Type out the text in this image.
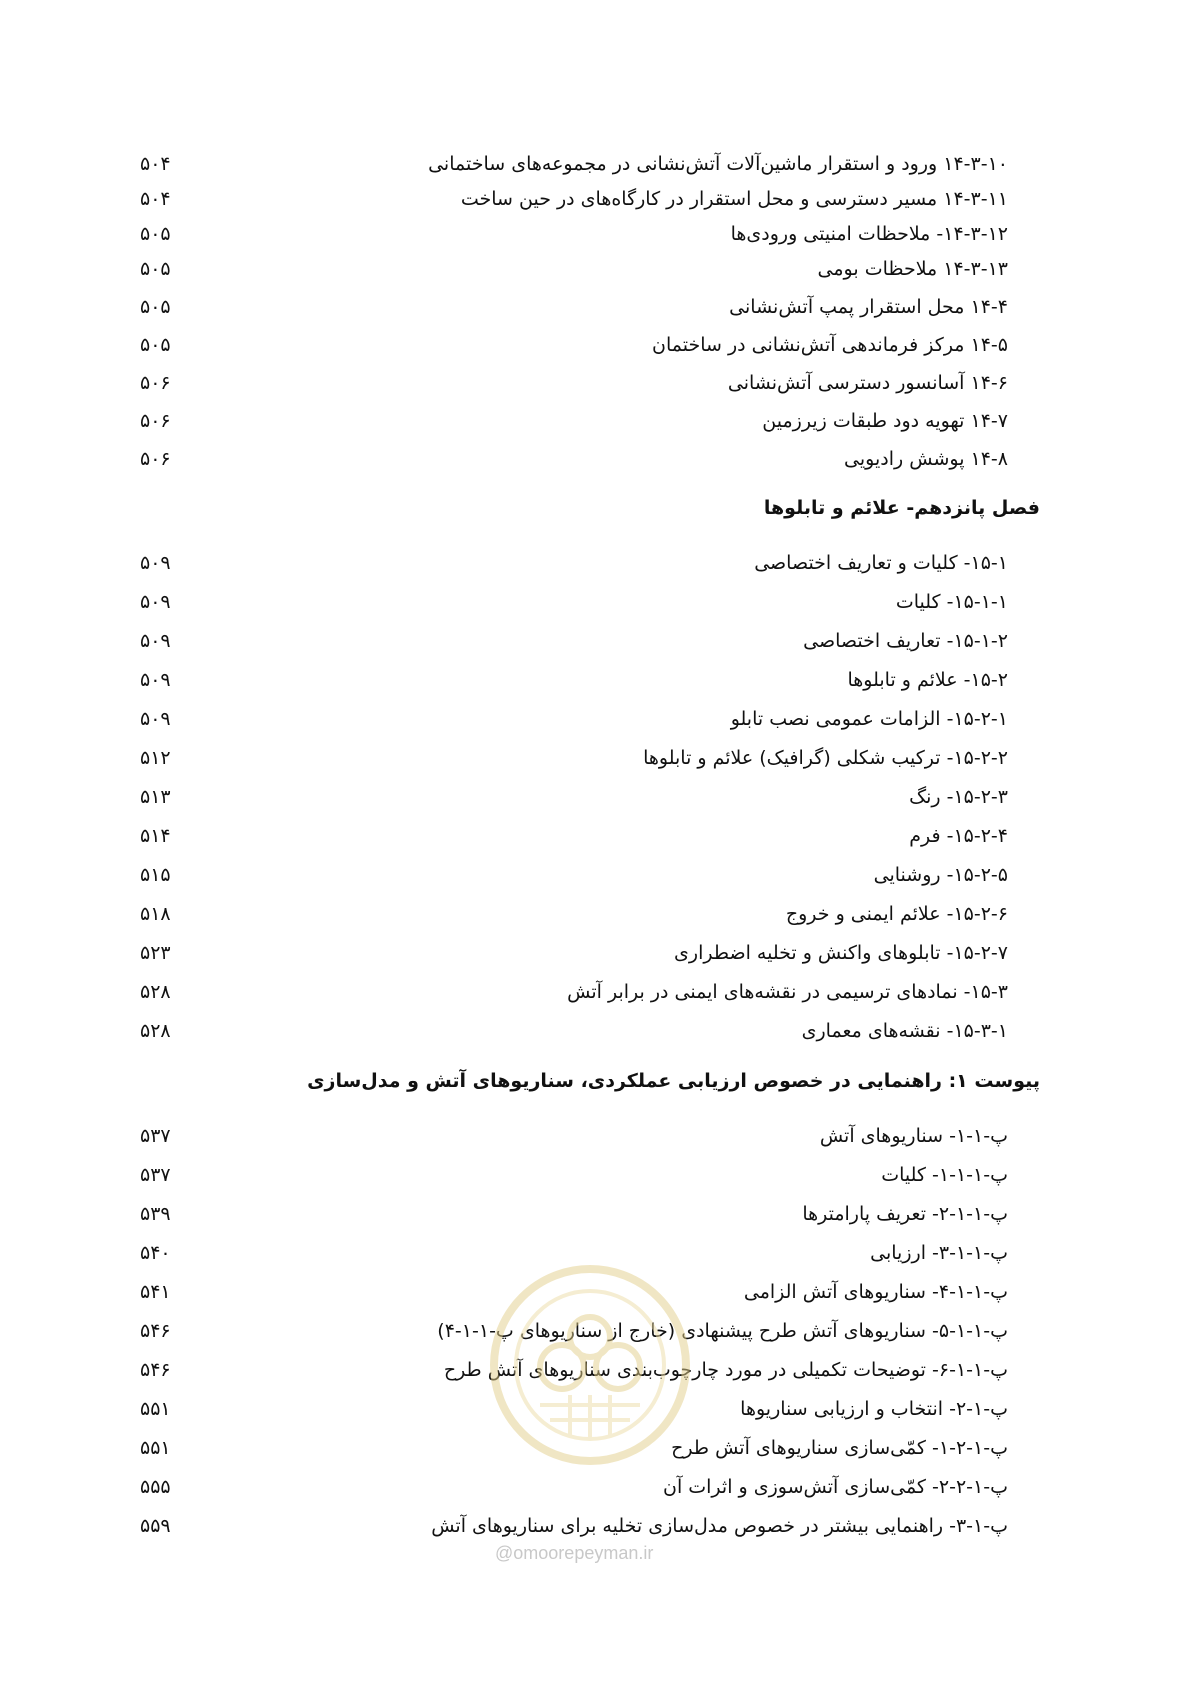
۱۴-۳-۱۰ ورود و استقرار ماشین‌آلات آتش‌نشانی در مجموعه‌های ساختمانی
۵۰۴
۱۴-۳-۱۱ مسیر دسترسی و محل استقرار در کارگاه‌های در حین ساخت
۵۰۴
۱۴-۳-۱۲- ملاحظات امنیتی ورودی‌ها
۵۰۵
۱۴-۳-۱۳ ملاحظات بومی
۵۰۵
۱۴-۴ محل استقرار پمپ آتش‌نشانی
۵۰۵
۱۴-۵ مرکز فرماندهی آتش‌نشانی در ساختمان
۵۰۵
۱۴-۶ آسانسور دسترسی آتش‌نشانی
۵۰۶
۱۴-۷ تهویه دود طبقات زیرزمین
۵۰۶
۱۴-۸ پوشش رادیویی
۵۰۶
فصل پانزدهم- علائم و تابلوها
۱۵-۱- کلیات و تعاریف اختصاصی
۵۰۹
۱۵-۱-۱- کلیات
۵۰۹
۱۵-۱-۲- تعاریف اختصاصی
۵۰۹
۱۵-۲- علائم و تابلوها
۵۰۹
۱۵-۲-۱- الزامات عمومی نصب تابلو
۵۰۹
۱۵-۲-۲- ترکیب شکلی (گرافیک) علائم و تابلوها
۵۱۲
۱۵-۲-۳- رنگ
۵۱۳
۱۵-۲-۴- فرم
۵۱۴
۱۵-۲-۵- روشنایی
۵۱۵
۱۵-۲-۶- علائم ایمنی و خروج
۵۱۸
۱۵-۲-۷- تابلوهای واکنش و تخلیه اضطراری
۵۲۳
۱۵-۳- نمادهای ترسیمی در نقشه‌های ایمنی در برابر آتش
۵۲۸
۱۵-۳-۱- نقشه‌های معماری
۵۲۸
پیوست ۱: راهنمایی در خصوص ارزیابی عملکردی، سناریوهای آتش و مدل‌سازی
پ-۱-۱- سناریوهای آتش
۵۳۷
پ-۱-۱-۱- کلیات
۵۳۷
پ-۱-۱-۲- تعریف پارامترها
۵۳۹
پ-۱-۱-۳- ارزیابی
۵۴۰
پ-۱-۱-۴- سناریوهای آتش الزامی
۵۴۱
پ-۱-۱-۵- سناریوهای آتش طرح پیشنهادی (خارج از سناریوهای پ-۱-۱-۴)
۵۴۶
پ-۱-۱-۶- توضیحات تکمیلی در مورد چارچوب‌بندی سناریوهای آتش طرح
۵۴۶
پ-۱-۲- انتخاب و ارزیابی سناریوها
۵۵۱
پ-۱-۲-۱- کمّی‌سازی سناریوهای آتش طرح
۵۵۱
پ-۱-۲-۲- کمّی‌سازی آتش‌سوزی و اثرات آن
۵۵۵
پ-۱-۳- راهنمایی بیشتر در خصوص مدل‌سازی تخلیه برای سناریوهای آتش
۵۵۹
@omoorepeyman.ir
